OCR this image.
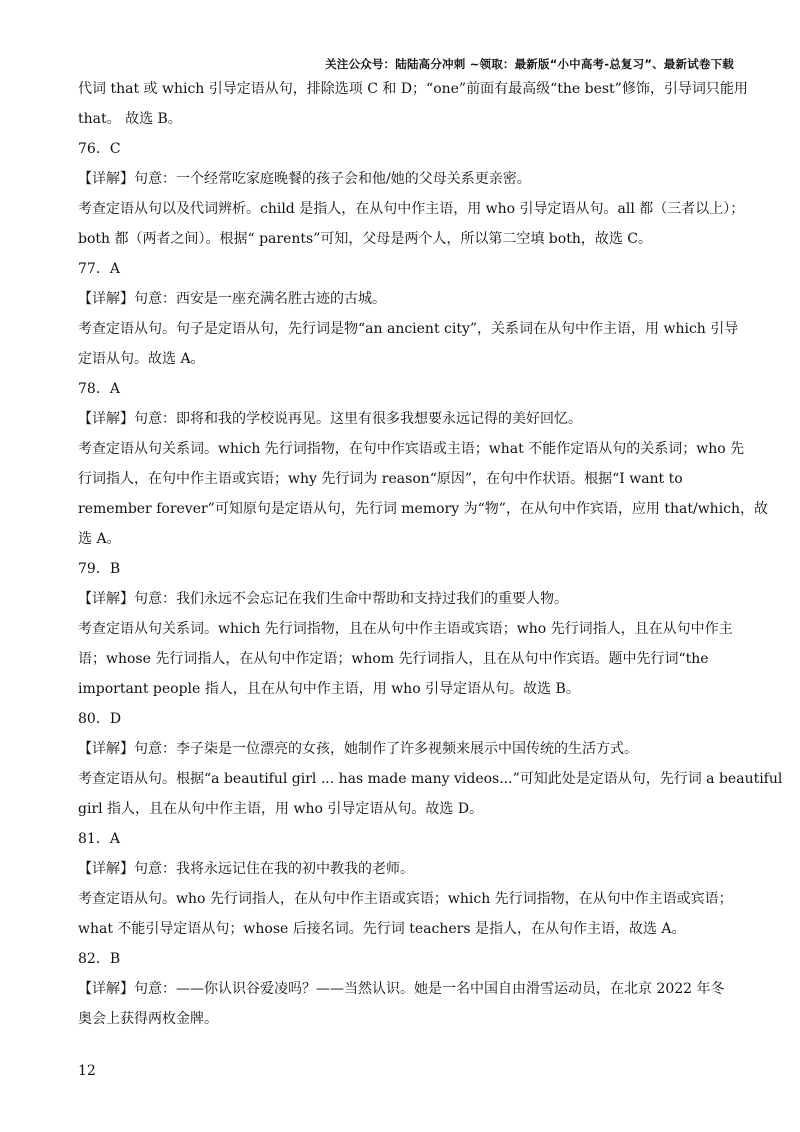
关注公众号：陆陆高分冲刺 ~领取：最新版“小中高考-总复习”、最新试卷下载
代词 that 或 which 引导定语从句，排除选项 C 和 D；“one”前面有最高级“the best”修饰，引导词只能用
that。 故选 B。
76．C
【详解】句意：一个经常吃家庭晚餐的孩子会和他/她的父母关系更亲密。
考查定语从句以及代词辨析。child 是指人，在从句中作主语，用 who 引导定语从句。all 都（三者以上）；
both 都（两者之间）。根据“ parents”可知，父母是两个人，所以第二空填 both，故选 C。
77．A
【详解】句意：西安是一座充满名胜古迹的古城。
考查定语从句。句子是定语从句，先行词是物“an ancient city”，关系词在从句中作主语，用 which 引导
定语从句。故选 A。
78．A
【详解】句意：即将和我的学校说再见。这里有很多我想要永远记得的美好回忆。
考查定语从句关系词。which 先行词指物，在句中作宾语或主语；what 不能作定语从句的关系词；who 先
行词指人，在句中作主语或宾语；why 先行词为 reason“原因”，在句中作状语。根据“I want to
remember forever”可知原句是定语从句，先行词 memory 为“物”，在从句中作宾语，应用 that/which，故
选 A。
79．B
【详解】句意：我们永远不会忘记在我们生命中帮助和支持过我们的重要人物。
考查定语从句关系词。which 先行词指物，且在从句中作主语或宾语；who 先行词指人，且在从句中作主
语；whose 先行词指人，在从句中作定语；whom 先行词指人，且在从句中作宾语。题中先行词“the
important people 指人，且在从句中作主语，用 who 引导定语从句。故选 B。
80．D
【详解】句意：李子柒是一位漂亮的女孩，她制作了许多视频来展示中国传统的生活方式。
考查定语从句。根据“a beautiful girl ... has made many videos...”可知此处是定语从句，先行词 a beautiful
girl 指人，且在从句中作主语，用 who 引导定语从句。故选 D。
81．A
【详解】句意：我将永远记住在我的初中教我的老师。
考查定语从句。who 先行词指人，在从句中作主语或宾语；which 先行词指物，在从句中作主语或宾语；
what 不能引导定语从句；whose 后接名词。先行词 teachers 是指人，在从句作主语，故选 A。
82．B
【详解】句意：——你认识谷爱凌吗？——当然认识。她是一名中国自由滑雪运动员，在北京 2022 年冬
奥会上获得两枚金牌。
12
